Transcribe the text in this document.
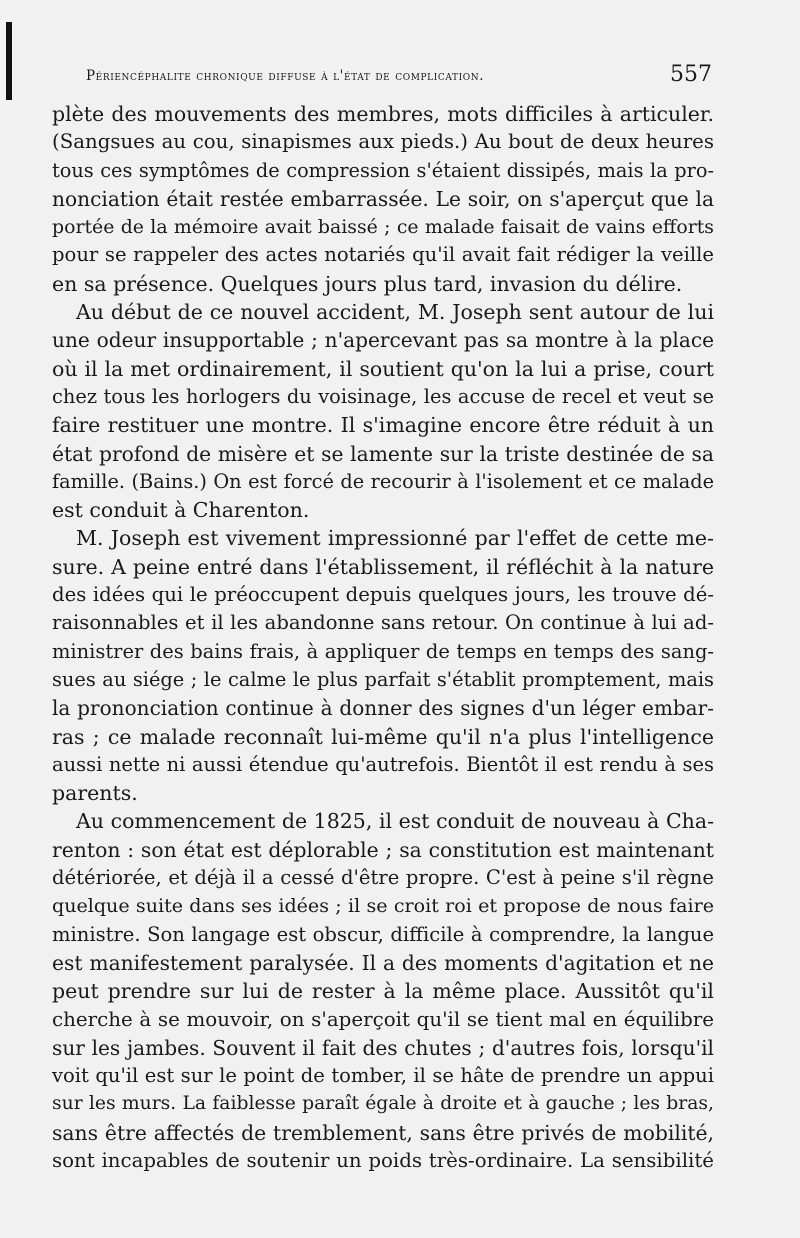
Périencéphalite chronique diffuse à l'état de complication.	557
plète des mouvements des membres, mots difficiles à articuler.
(Sangsues au cou, sinapismes aux pieds.) Au bout de deux heures
tous ces symptômes de compression s'étaient dissipés, mais la pro-
nonciation était restée embarrassée. Le soir, on s'aperçut que la
portée de la mémoire avait baissé ; ce malade faisait de vains efforts
pour se rappeler des actes notariés qu'il avait fait rédiger la veille
en sa présence. Quelques jours plus tard, invasion du délire.
Au début de ce nouvel accident, M. Joseph sent autour de lui
une odeur insupportable ; n'apercevant pas sa montre à la place
où il la met ordinairement, il soutient qu'on la lui a prise, court
chez tous les horlogers du voisinage, les accuse de recel et veut se
faire restituer une montre. Il s'imagine encore être réduit à un
état profond de misère et se lamente sur la triste destinée de sa
famille. (Bains.) On est forcé de recourir à l'isolement et ce malade
est conduit à Charenton.
M. Joseph est vivement impressionné par l'effet de cette me-
sure. A peine entré dans l'établissement, il réfléchit à la nature
des idées qui le préoccupent depuis quelques jours, les trouve dé-
raisonnables et il les abandonne sans retour. On continue à lui ad-
ministrer des bains frais, à appliquer de temps en temps des sang-
sues au siége ; le calme le plus parfait s'établit promptement, mais
la prononciation continue à donner des signes d'un léger embar-
ras ; ce malade reconnaît lui-même qu'il n'a plus l'intelligence
aussi nette ni aussi étendue qu'autrefois. Bientôt il est rendu à ses
parents.
Au commencement de 1825, il est conduit de nouveau à Cha-
renton : son état est déplorable ; sa constitution est maintenant
détériorée, et déjà il a cessé d'être propre. C'est à peine s'il règne
quelque suite dans ses idées ; il se croit roi et propose de nous faire
ministre. Son langage est obscur, difficile à comprendre, la langue
est manifestement paralysée. Il a des moments d'agitation et ne
peut prendre sur lui de rester à la même place. Aussitôt qu'il
cherche à se mouvoir, on s'aperçoit qu'il se tient mal en équilibre
sur les jambes. Souvent il fait des chutes ; d'autres fois, lorsqu'il
voit qu'il est sur le point de tomber, il se hâte de prendre un appui
sur les murs. La faiblesse paraît égale à droite et à gauche ; les bras,
sans être affectés de tremblement, sans être privés de mobilité,
sont incapables de soutenir un poids très-ordinaire. La sensibilité
